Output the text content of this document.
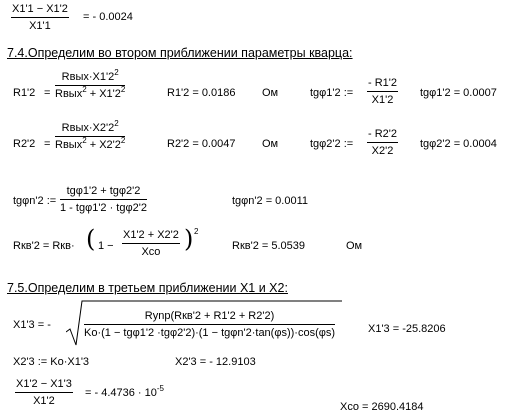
$\frac{X1'1 - X1'2}{X1'1}$ = - 0.0024
7.4.Определим во втором приближении параметры кварца:
R1'2 =
$Rвых\cdot X1'2^2$
Rвых$^2$ + $X1'2^2$	R1'2 = 0.0186 Ом	tgφ1'2 := $\frac{- R1'2}{X1'2} tg\varphi 1'2 = 0.0007$
R2'2 =
$Rвых\cdot X2'2^2$
Rвых$^2$ + $X2'2^2$	R2'2 = 0.0047 Ом	tgφ2'2 := $\frac{- R2'2}{X2'2} tg\varphi 2'2 = 0.0004$
tgφn'2 :=
tgφ1'2 + tgφ2'2
1 - tgφ1'2 · tgφ2'2
tgφn'2 = 0.0011
Rкв'2 = Rкв· ( 1 −
X1'2 + X2'2
Xco ) 2
Rкв'2 = 5.0539	Ом
7.5.Определим в третьем приближении X1 и X2:
X1'3 = -
Rynp(Rкв'2 + R1'2 + R2'2)
Ko·(1 − tgφ1'2 ·tgφ2'2)·(1 − tgφn'2·tan(φs))·cos(φs)	X1'3 = -25.8206
X2'3 := Ko·X1'3	X2'3 = - 12.9103
$\frac{X1'2 - X1'3}{X1'2}$ = - $4.4736 \cdot 10^{-5}$
Xco = 2690.4184
